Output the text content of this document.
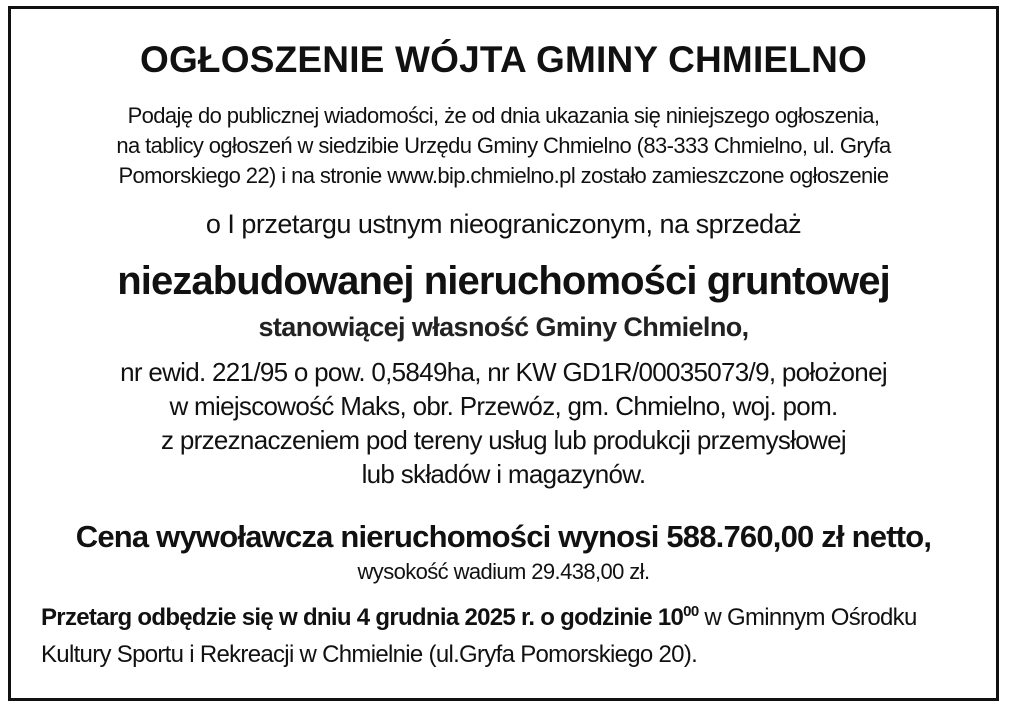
OGŁOSZENIE WÓJTA GMINY CHMIELNO
Podaję do publicznej wiadomości, że od dnia ukazania się niniejszego ogłoszenia,
na tablicy ogłoszeń w siedzibie Urzędu Gminy Chmielno (83-333 Chmielno, ul. Gryfa
Pomorskiego 22) i na stronie www.bip.chmielno.pl zostało zamieszczone ogłoszenie
o I przetargu ustnym nieograniczonym, na sprzedaż
niezabudowanej nieruchomości gruntowej
stanowiącej własność Gminy Chmielno,
nr ewid. 221/95 o pow. 0,5849ha, nr KW GD1R/00035073/9, położonej
w miejscowość Maks, obr. Przewóz, gm. Chmielno, woj. pom.
z przeznaczeniem pod tereny usług lub produkcji przemysłowej
lub składów i magazynów.
Cena wywoławcza nieruchomości wynosi 588.760,00 zł netto,
wysokość wadium 29.438,00 zł.
Przetarg odbędzie się w dniu 4 grudnia 2025 r. o godzinie $10^{00}$ w Gminnym Ośrodku
Kultury Sportu i Rekreacji w Chmielnie (ul.Gryfa Pomorskiego 20).
